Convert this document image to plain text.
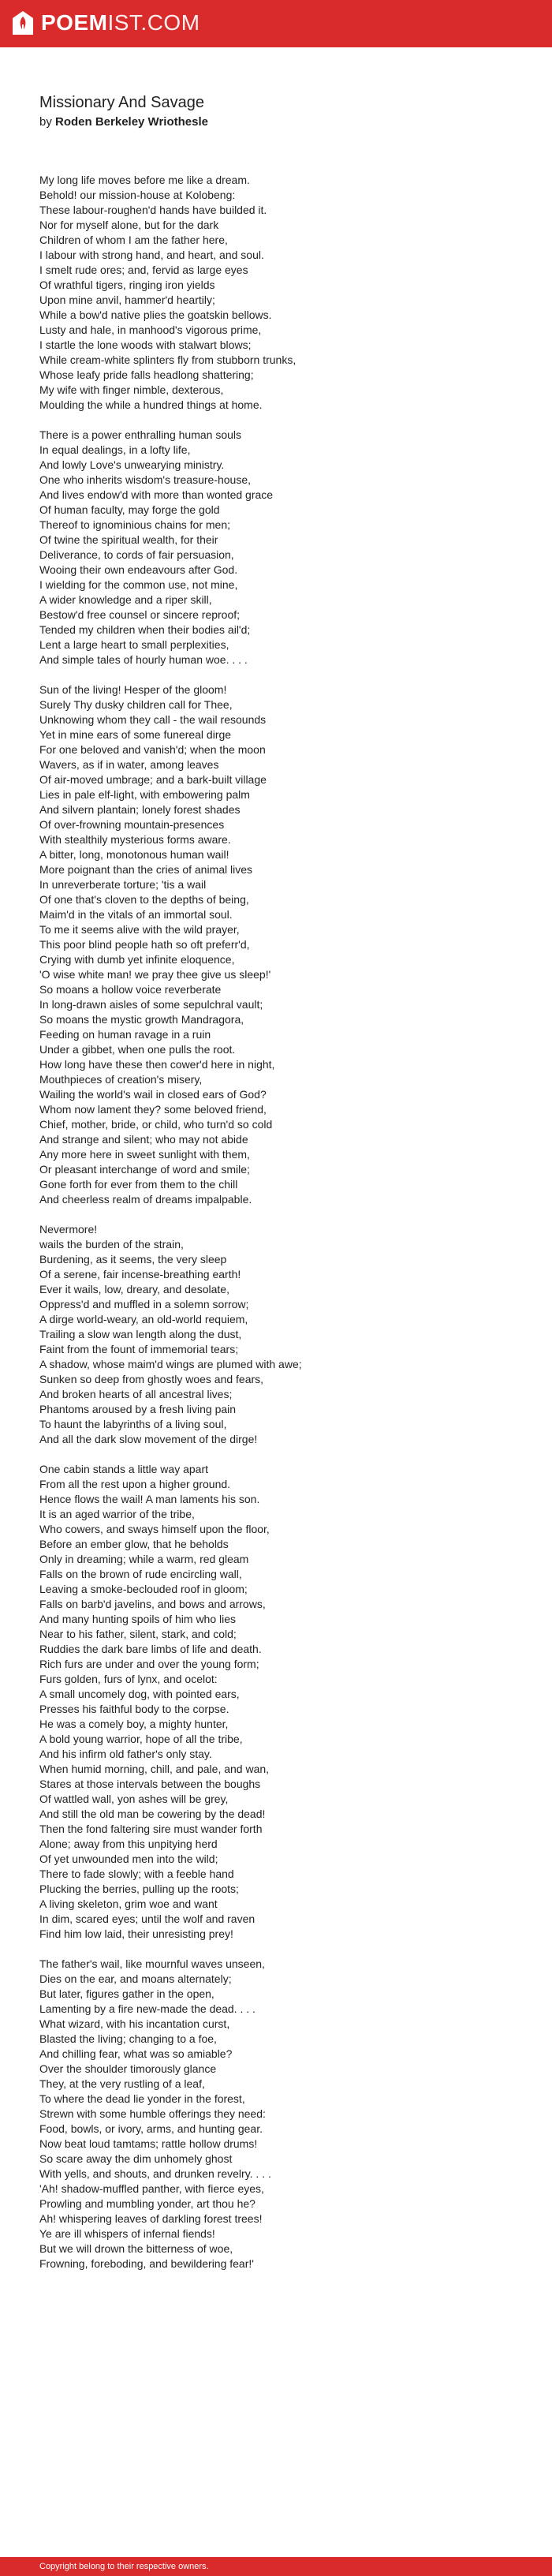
POEMIST.COM
Missionary And Savage
by Roden Berkeley Wriothesle
My long life moves before me like a dream.
Behold! our mission-house at Kolobeng:
These labour-roughen'd hands have builded it.
Nor for myself alone, but for the dark
Children of whom I am the father here,
I labour with strong hand, and heart, and soul.
I smelt rude ores; and, fervid as large eyes
Of wrathful tigers, ringing iron yields
Upon mine anvil, hammer'd heartily;
While a bow'd native plies the goatskin bellows.
Lusty and hale, in manhood's vigorous prime,
I startle the lone woods with stalwart blows;
While cream-white splinters fly from stubborn trunks,
Whose leafy pride falls headlong shattering;
My wife with finger nimble, dexterous,
Moulding the while a hundred things at home.
There is a power enthralling human souls
In equal dealings, in a lofty life,
And lowly Love's unwearying ministry.
One who inherits wisdom's treasure-house,
And lives endow'd with more than wonted grace
Of human faculty, may forge the gold
Thereof to ignominious chains for men;
Of twine the spiritual wealth, for their
Deliverance, to cords of fair persuasion,
Wooing their own endeavours after God.
I wielding for the common use, not mine,
A wider knowledge and a riper skill,
Bestow'd free counsel or sincere reproof;
Tended my children when their bodies ail'd;
Lent a large heart to small perplexities,
And simple tales of hourly human woe. . . .
Sun of the living! Hesper of the gloom!
Surely Thy dusky children call for Thee,
Unknowing whom they call - the wail resounds
Yet in mine ears of some funereal dirge
For one beloved and vanish'd; when the moon
Wavers, as if in water, among leaves
Of air-moved umbrage; and a bark-built village
Lies in pale elf-light, with embowering palm
And silvern plantain; lonely forest shades
Of over-frowning mountain-presences
With stealthily mysterious forms aware.
A bitter, long, monotonous human wail!
More poignant than the cries of animal lives
In unreverberate torture; 'tis a wail
Of one that's cloven to the depths of being,
Maim'd in the vitals of an immortal soul.
To me it seems alive with the wild prayer,
This poor blind people hath so oft preferr'd,
Crying with dumb yet infinite eloquence,
'O wise white man! we pray thee give us sleep!'
So moans a hollow voice reverberate
In long-drawn aisles of some sepulchral vault;
So moans the mystic growth Mandragora,
Feeding on human ravage in a ruin
Under a gibbet, when one pulls the root.
How long have these then cower'd here in night,
Mouthpieces of creation's misery,
Wailing the world's wail in closed ears of God?
Whom now lament they? some beloved friend,
Chief, mother, bride, or child, who turn'd so cold
And strange and silent; who may not abide
Any more here in sweet sunlight with them,
Or pleasant interchange of word and smile;
Gone forth for ever from them to the chill
And cheerless realm of dreams impalpable.
Nevermore!
wails the burden of the strain,
Burdening, as it seems, the very sleep
Of a serene, fair incense-breathing earth!
Ever it wails, low, dreary, and desolate,
Oppress'd and muffled in a solemn sorrow;
A dirge world-weary, an old-world requiem,
Trailing a slow wan length along the dust,
Faint from the fount of immemorial tears;
A shadow, whose maim'd wings are plumed with awe;
Sunken so deep from ghostly woes and fears,
And broken hearts of all ancestral lives;
Phantoms aroused by a fresh living pain
To haunt the labyrinths of a living soul,
And all the dark slow movement of the dirge!
One cabin stands a little way apart
From all the rest upon a higher ground.
Hence flows the wail! A man laments his son.
It is an aged warrior of the tribe,
Who cowers, and sways himself upon the floor,
Before an ember glow, that he beholds
Only in dreaming; while a warm, red gleam
Falls on the brown of rude encircling wall,
Leaving a smoke-beclouded roof in gloom;
Falls on barb'd javelins, and bows and arrows,
And many hunting spoils of him who lies
Near to his father, silent, stark, and cold;
Ruddies the dark bare limbs of life and death.
Rich furs are under and over the young form;
Furs golden, furs of lynx, and ocelot:
A small uncomely dog, with pointed ears,
Presses his faithful body to the corpse.
He was a comely boy, a mighty hunter,
A bold young warrior, hope of all the tribe,
And his infirm old father's only stay.
When humid morning, chill, and pale, and wan,
Stares at those intervals between the boughs
Of wattled wall, yon ashes will be grey,
And still the old man be cowering by the dead!
Then the fond faltering sire must wander forth
Alone; away from this unpitying herd
Of yet unwounded men into the wild;
There to fade slowly; with a feeble hand
Plucking the berries, pulling up the roots;
A living skeleton, grim woe and want
In dim, scared eyes; until the wolf and raven
Find him low laid, their unresisting prey!
The father's wail, like mournful waves unseen,
Dies on the ear, and moans alternately;
But later, figures gather in the open,
Lamenting by a fire new-made the dead. . . .
What wizard, with his incantation curst,
Blasted the living; changing to a foe,
And chilling fear, what was so amiable?
Over the shoulder timorously glance
They, at the very rustling of a leaf,
To where the dead lie yonder in the forest,
Strewn with some humble offerings they need:
Food, bowls, or ivory, arms, and hunting gear.
Now beat loud tamtams; rattle hollow drums!
So scare away the dim unhomely ghost
With yells, and shouts, and drunken revelry. . . .
'Ah! shadow-muffled panther, with fierce eyes,
Prowling and mumbling yonder, art thou he?
Ah! whispering leaves of darkling forest trees!
Ye are ill whispers of infernal fiends!
But we will drown the bitterness of woe,
Frowning, foreboding, and bewildering fear!'
Copyright belong to their respective owners.
